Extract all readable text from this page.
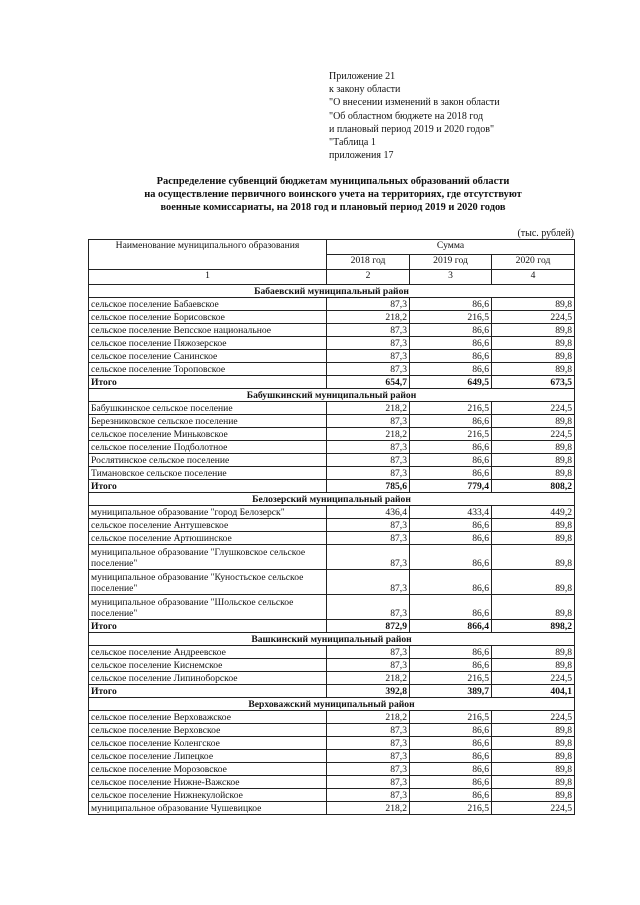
Приложение 21
к закону области
"О внесении изменений в закон области
"Об областном бюджете на 2018 год
и плановый период 2019 и 2020 годов"
"Таблица 1
приложения 17
Распределение субвенций бюджетам муниципальных образований области
на осуществление первичного воинского учета на территориях, где отсутствуют
военные комиссариаты, на 2018 год и плановый период 2019 и 2020 годов
(тыс. рублей)
Наименование муниципального образования	Сумма		
	2018 год	2019 год	2020 год
1	2	3	4
Бабаевский муниципальный район			
сельское поселение Бабаевское	87,3	86,6	89,8
сельское поселение Борисовское	218,2	216,5	224,5
сельское поселение Вепсское национальное	87,3	86,6	89,8
сельское поселение Пяжозерское	87,3	86,6	89,8
сельское поселение Санинское	87,3	86,6	89,8
сельское поселение Тороповское	87,3	86,6	89,8
Итого	654,7	649,5	673,5
Бабушкинский муниципальный район			
Бабушкинское сельское поселение	218,2	216,5	224,5
Березниковское сельское поселение	87,3	86,6	89,8
сельское поселение Миньковское	218,2	216,5	224,5
сельское поселение Подболотное	87,3	86,6	89,8
Рослятинское сельское поселение	87,3	86,6	89,8
Тимановское сельское поселение	87,3	86,6	89,8
Итого	785,6	779,4	808,2
Белозерский муниципальный район			
муниципальное образование "город Белозерск"	436,4	433,4	449,2
сельское поселение Антушевское	87,3	86,6	89,8
сельское поселение Артюшинское	87,3	86,6	89,8
муниципальное образование "Глушковское сельское поселение"	87,3	86,6	89,8
муниципальное образование "Куностьское сельское поселение"	87,3	86,6	89,8
муниципальное образование "Шольское сельское поселение"	87,3	86,6	89,8
Итого	872,9	866,4	898,2
Вашкинский муниципальный район			
сельское поселение Андреевское	87,3	86,6	89,8
сельское поселение Киснемское	87,3	86,6	89,8
сельское поселение Липиноборское	218,2	216,5	224,5
Итого	392,8	389,7	404,1
Верховажский муниципальный район			
сельское поселение Верховажское	218,2	216,5	224,5
сельское поселение Верховское	87,3	86,6	89,8
сельское поселение Коленгское	87,3	86,6	89,8
сельское поселение Липецкое	87,3	86,6	89,8
сельское поселение Морозовское	87,3	86,6	89,8
сельское поселение Нижне-Важское	87,3	86,6	89,8
сельское поселение Нижнекулойское	87,3	86,6	89,8
муниципальное образование Чушевицкое	218,2	216,5	224,5
